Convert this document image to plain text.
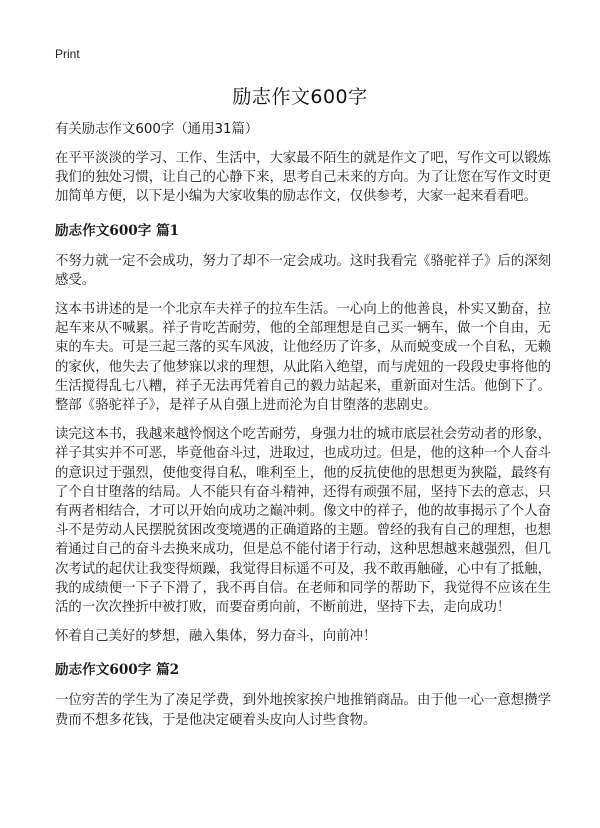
Print
励志作文600字
有关励志作文600字（通用31篇）

在平平淡淡的学习、工作、生活中，大家最不陌生的就是作文了吧，写作文可以锻炼我们的独处习惯，让自己的心静下来，思考自己未来的方向。为了让您在写作文时更加简单方便，以下是小编为大家收集的励志作文，仅供参考，大家一起来看看吧。

励志作文600字 篇1

不努力就一定不会成功，努力了却不一定会成功。这时我看完《骆驼祥子》后的深刻感受。

这本书讲述的是一个北京车夫祥子的拉车生活。一心向上的他善良，朴实又勤奋，拉起车来从不喊累。祥子肯吃苦耐劳，他的全部理想是自己买一辆车，做一个自由，无束的车夫。可是三起三落的买车风波，让他经历了许多，从而蜕变成一个自私，无赖的家伙，他失去了他梦寐以求的理想，从此陷入绝望，而与虎妞的一段段史事将他的生活搅得乱七八糟，祥子无法再凭着自己的毅力站起来，重新面对生活。他倒下了。整部《骆驼祥子》，是祥子从自强上进而沦为自甘堕落的悲剧史。

读完这本书，我越来越怜悯这个吃苦耐劳，身强力壮的城市底层社会劳动者的形象，祥子其实并不可恶，毕竟他奋斗过，进取过，也成功过。但是，他的这种一个人奋斗的意识过于强烈，使他变得自私，唯利至上，他的反抗使他的思想更为狭隘，最终有了个自甘堕落的结局。人不能只有奋斗精神，还得有顽强不屈，坚持下去的意志，只有两者相结合，才可以开始向成功之巅冲刺。像文中的祥子，他的故事揭示了个人奋斗不是劳动人民摆脱贫困改变境遇的正确道路的主题。曾经的我有自己的理想，也想着通过自己的奋斗去换来成功，但是总不能付诸于行动，这种思想越来越强烈，但几次考试的起伏让我变得烦躁，我觉得目标遥不可及，我不敢再触碰，心中有了抵触，我的成绩便一下子下滑了，我不再自信。在老师和同学的帮助下，我觉得不应该在生活的一次次挫折中被打败，而要奋勇向前，不断前进，坚持下去，走向成功！

怀着自己美好的梦想，融入集体，努力奋斗，向前冲！

励志作文600字 篇2

一位穷苦的学生为了凑足学费，到外地挨家挨户地推销商品。由于他一心一意想攒学费而不想多花钱，于是他决定硬着头皮向人讨些食物。
